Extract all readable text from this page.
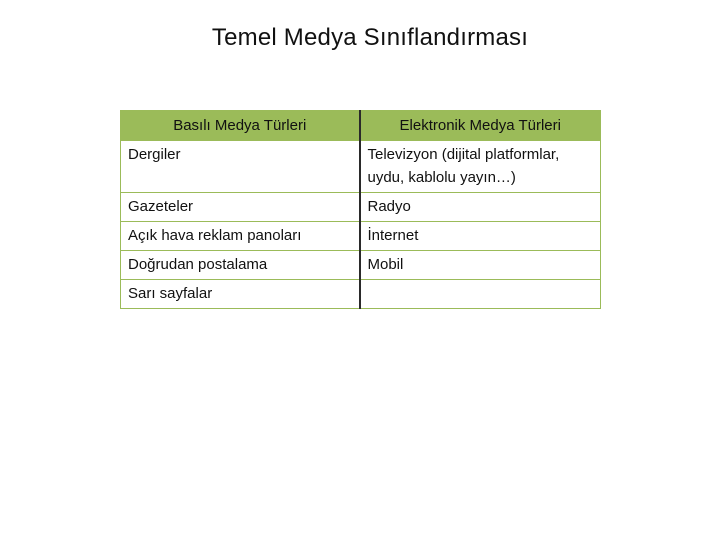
Temel Medya Sınıflandırması
Basılı Medya Türleri	Elektronik Medya Türleri
Dergiler	Televizyon (dijital platformlar, uydu, kablolu yayın…)
Gazeteler	Radyo
Açık hava reklam panoları	İnternet
Doğrudan postalama	Mobil
Sarı sayfalar	
